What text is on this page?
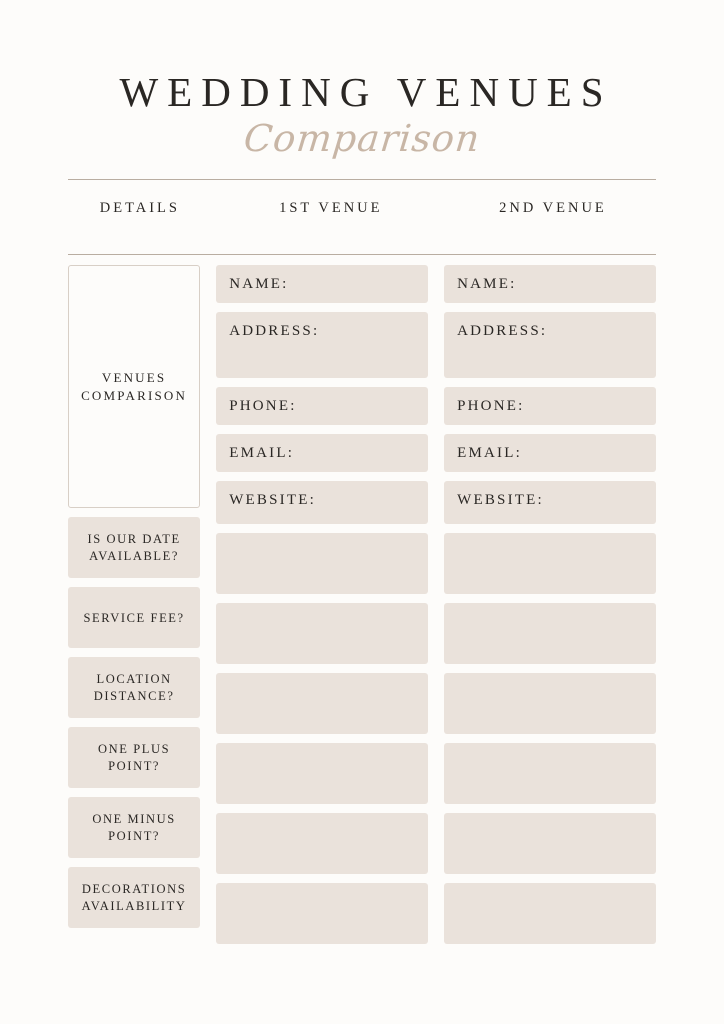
WEDDING VENUES
Comparison
DETAILS	1ST VENUE	2ND VENUE
VENUES COMPARISON
IS OUR DATE AVAILABLE?
SERVICE FEE?
LOCATION DISTANCE?
ONE PLUS POINT?
ONE MINUS POINT?
DECORATIONS AVAILABILITY
NAME:
ADDRESS:
PHONE:
EMAIL:
WEBSITE:
NAME:
ADDRESS:
PHONE:
EMAIL:
WEBSITE:
